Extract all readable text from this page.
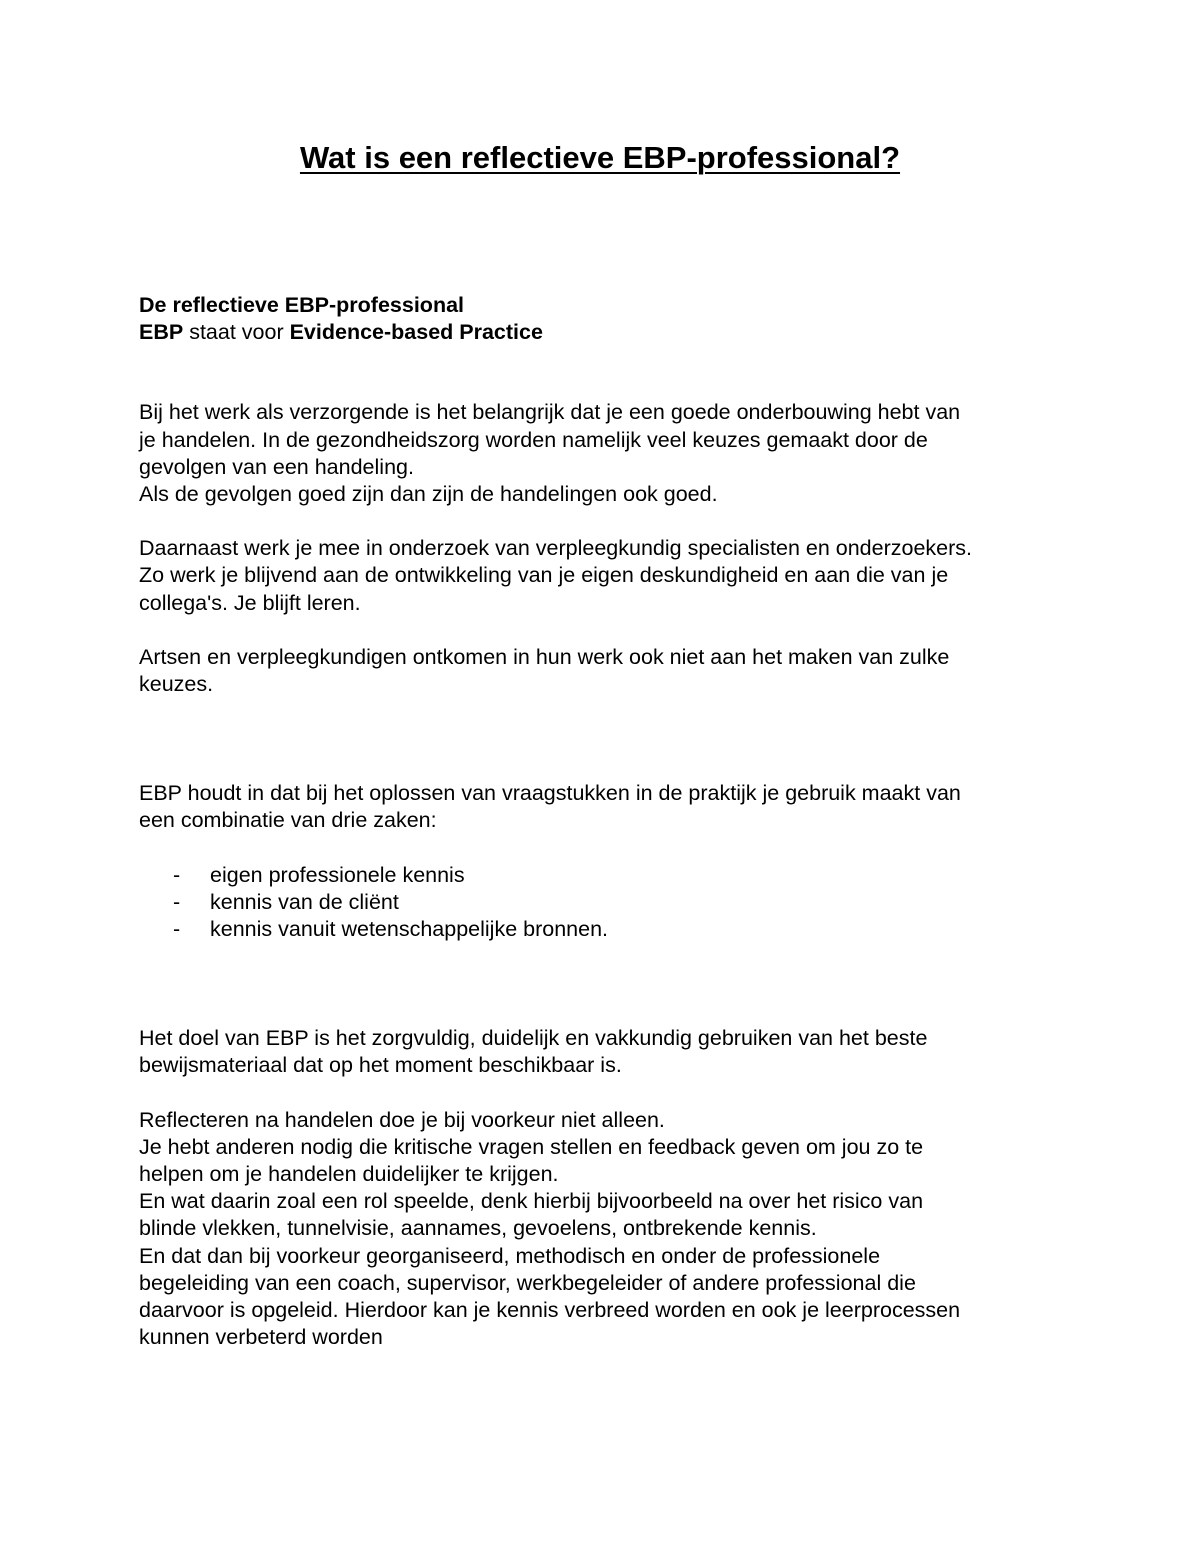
Wat is een reflectieve EBP-professional?

De reflectieve EBP-professional

EBP staat voor Evidence-based Practice

Bij het werk als verzorgende is het belangrijk dat je een goede onderbouwing hebt van

je handelen. In de gezondheidszorg worden namelijk veel keuzes gemaakt door de

gevolgen van een handeling.

Als de gevolgen goed zijn dan zijn de handelingen ook goed.

Daarnaast werk je mee in onderzoek van verpleegkundig specialisten en onderzoekers.

Zo werk je blijvend aan de ontwikkeling van je eigen deskundigheid en aan die van je

collega's. Je blijft leren.

Artsen en verpleegkundigen ontkomen in hun werk ook niet aan het maken van zulke

keuzes.

EBP houdt in dat bij het oplossen van vraagstukken in de praktijk je gebruik maakt van

een combinatie van drie zaken:

- eigen professionele kennis
- kennis van de cliënt
- kennis vanuit wetenschappelijke bronnen.

Het doel van EBP is het zorgvuldig, duidelijk en vakkundig gebruiken van het beste

bewijsmateriaal dat op het moment beschikbaar is.

Reflecteren na handelen doe je bij voorkeur niet alleen.

Je hebt anderen nodig die kritische vragen stellen en feedback geven om jou zo te

helpen om je handelen duidelijker te krijgen.

En wat daarin zoal een rol speelde, denk hierbij bijvoorbeeld na over het risico van

blinde vlekken, tunnelvisie, aannames, gevoelens, ontbrekende kennis.

En dat dan bij voorkeur georganiseerd, methodisch en onder de professionele

begeleiding van een coach, supervisor, werkbegeleider of andere professional die

daarvoor is opgeleid. Hierdoor kan je kennis verbreed worden en ook je leerprocessen

kunnen verbeterd worden
